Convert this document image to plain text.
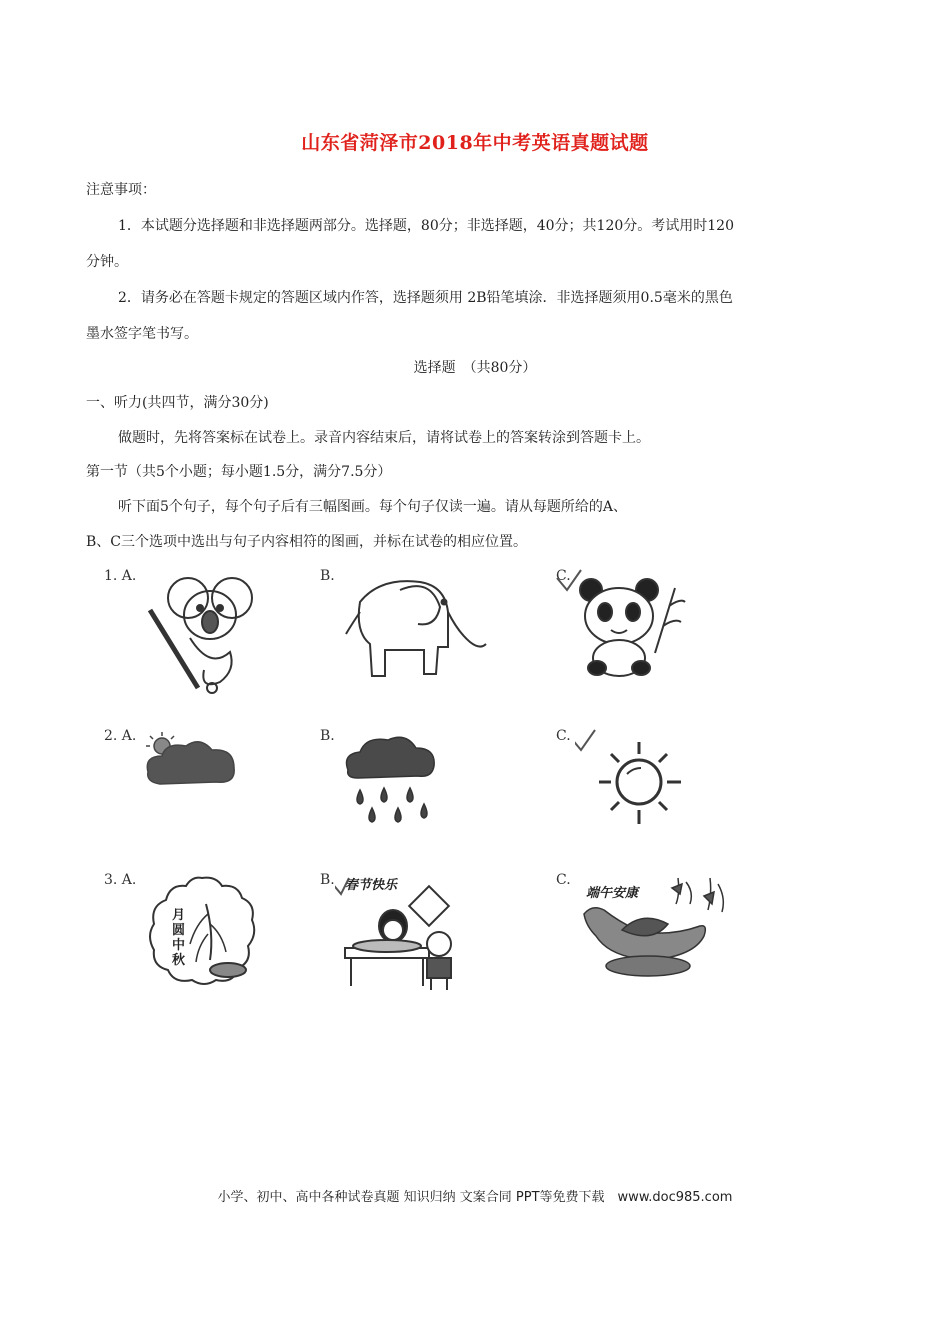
山东省菏泽市2018年中考英语真题试题
注意事项：
1．本试题分选择题和非选择题两部分。选择题，80分；非选择题，40分；共120分。考试用时120
分钟。
2．请务必在答题卡规定的答题区域内作答，选择题须用 2B铅笔填涂．非选择题须用0.5毫米的黑色
墨水签字笔书写。
选择题　（共80分）
一、听力(共四节，满分30分)
做题时，先将答案标在试卷上。录音内容结束后，请将试卷上的答案转涂到答题卡上。
第一节（共5个小题；每小题1.5分，满分7.5分）
听下面5个句子，每个句子后有三幅图画。每个句子仅读一遍。请从每题所给的A、
B、C三个选项中选出与句子内容相符的图画，并标在试卷的相应位置。
1. A.	B.	C.
2. A.	B.	C.
3. A.	B.	C.
月圆中秋
春节快乐
端午安康
小学、初中、高中各种试卷真题 知识归纳 文案合同 PPT等免费下载　www.doc985.com
